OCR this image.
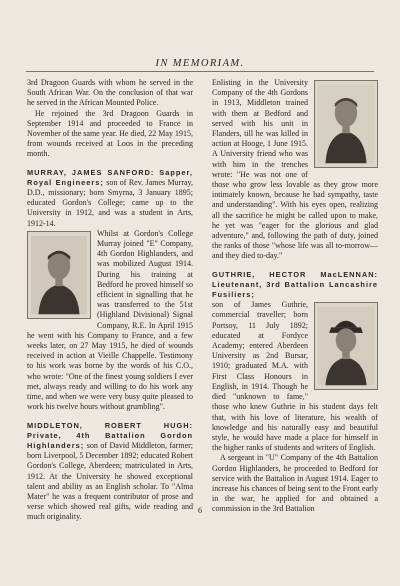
IN MEMORIAM.

3rd Dragoon Guards with whom he served in the South African War. On the conclusion of that war he served in the African Mounted Police.

He rejoined the 3rd Dragoon Guards in September 1914 and proceeded to France in November of the same year. He died, 22 May 1915, from wounds received at Loos in the preceding month.

MURRAY, JAMES SANFORD: Sapper, Royal Engineers; son of Rev. James Murray, D.D., missionary; born Smyrna, 3 January 1895; educated Gordon's College; came up to the University in 1912, and was a student in Arts, 1912-14.

Whilst at Gordon's College Murray joined "E" Company, 4th Gordon Highlanders, and was mobilized August 1914. During his training at Bedford he proved himself so efficient in signalling that he was transferred to the 51st (Highland Divisional) Signal Company, R.E. In April 1915 he went with his Company to France, and a few weeks later, on 27 May 1915, he died of wounds received in action at Vieille Chappelle. Testimony to his work was borne by the words of his C.O., who wrote: "One of the finest young soldiers I ever met, always ready and willing to do his work any time, and when we were very busy quite pleased to work his twelve hours without grumbling".

MIDDLETON, ROBERT HUGH: Private, 4th Battalion Gordon Highlanders; son of David Middleton, farmer; born Liverpool, 5 December 1892; educated Robert Gordon's College, Aberdeen; matriculated in Arts, 1912. At the University he showed exceptional talent and ability as an English scholar. To "Alma Mater" he was a frequent contributor of prose and verse which showed real gifts, wide reading and much originality.

Enlisting in the University Company of the 4th Gordons in 1913, Middleton trained with them at Bedford and served with his unit in Flanders, till he was killed in action at Hooge, 1 June 1915. A University friend who was with him in the trenches wrote: "He was not one of those who grow less lovable as they grow more intimately known, because he had sympathy, taste and understanding". With his eyes open, realizing all the sacrifice he might be called upon to make, he yet was "eager for the glorious and glad adventure," and, following the path of duty, joined the ranks of those "whose life was all to-morrow—and they died to-day."

GUTHRIE, HECTOR MacLENNAN: Lieutenant, 3rd Battalion Lancashire Fusiliers;

son of James Guthrie, commercial traveller; born Portsoy, 11 July 1892; educated at Fordyce Academy; entered Aberdeen University as 2nd Bursar, 1910; graduated M.A. with First Class Honours in English, in 1914. Though he died "unknown to fame," those who knew Guthrie in his student days felt that, with his love of literature, his wealth of knowledge and his naturally easy and beautiful style, he would have made a place for himself in the higher ranks of students and writers of English.

A sergeant in "U" Company of the 4th Battalion Gordon Highlanders, he proceeded to Bedford for service with the Battalion in August 1914. Eager to increase his chances of being sent to the Front early in the war, he applied for and obtained a commission in the 3rd Battalion

6
